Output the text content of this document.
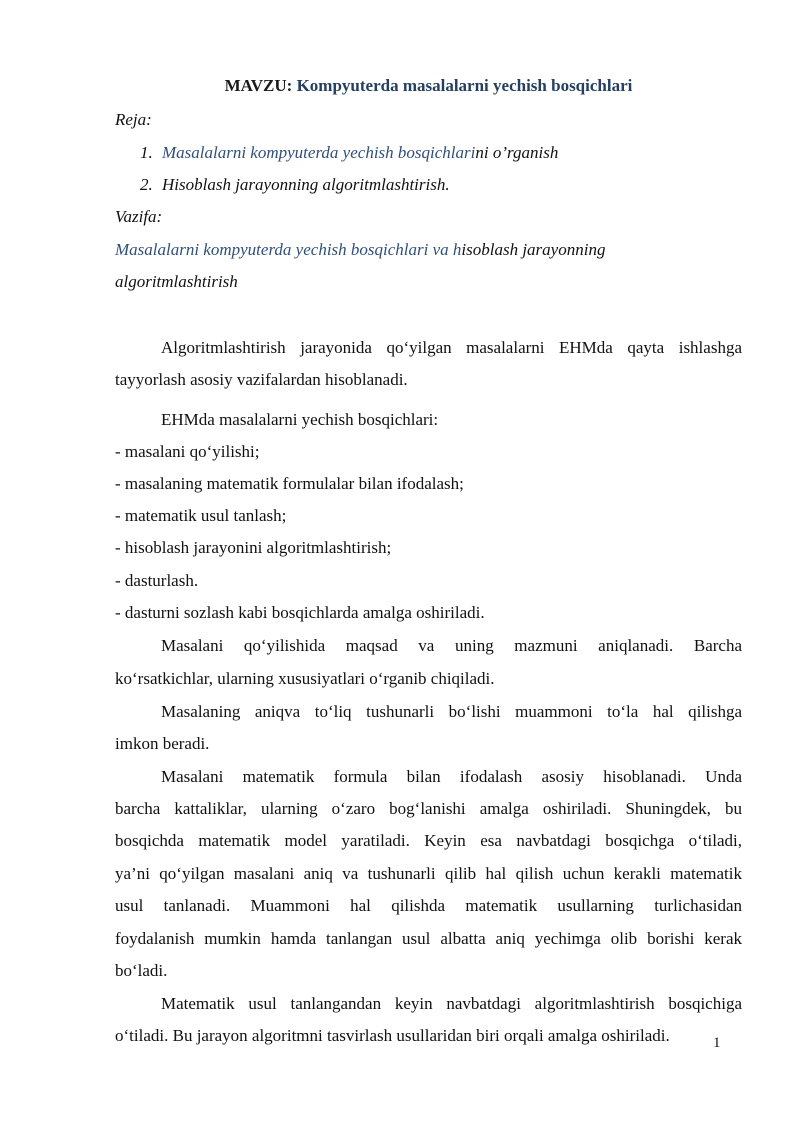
MAVZU: Kompyuterda masalalarni yechish bosqichlari
Reja:
1. Masalalarni kompyuterda yechish bosqichlarini o’rganish
2. Hisoblash jarayonning algoritmlashtirish.
Vazifa:
Masalalarni kompyuterda yechish bosqichlari va hisoblash jarayonning
algoritmlashtirish
Algoritmlashtirish jarayonida qo‘yilgan masalalarni EHMda qayta ishlashga
tayyorlash asosiy vazifalardan hisoblanadi.
EHMda masalalarni yechish bosqichlari:
- masalani qo‘yilishi;
- masalaning matematik formulalar bilan ifodalash;
- matematik usul tanlash;
- hisoblash jarayonini algoritmlashtirish;
- dasturlash.
- dasturni sozlash kabi bosqichlarda amalga oshiriladi.
Masalani qo‘yilishida maqsad va uning mazmuni aniqlanadi. Barcha
ko‘rsatkichlar, ularning xususiyatlari o‘rganib chiqiladi.
Masalaning aniqva to‘liq tushunarli bo‘lishi muammoni to‘la hal qilishga
imkon beradi.
Masalani matematik formula bilan ifodalash asosiy hisoblanadi. Unda
barcha kattaliklar, ularning o‘zaro bog‘lanishi amalga oshiriladi. Shuningdek, bu
bosqichda matematik model yaratiladi. Keyin esa navbatdagi bosqichga o‘tiladi,
ya’ni qo‘yilgan masalani aniq va tushunarli qilib hal qilish uchun kerakli matematik
usul tanlanadi. Muammoni hal qilishda matematik usullarning turlichasidan
foydalanish mumkin hamda tanlangan usul albatta aniq yechimga olib borishi kerak
bo‘ladi.
Matematik usul tanlangandan keyin navbatdagi algoritmlashtirish bosqichiga
o‘tiladi. Bu jarayon algoritmni tasvirlash usullaridan biri orqali amalga oshiriladi.	1
